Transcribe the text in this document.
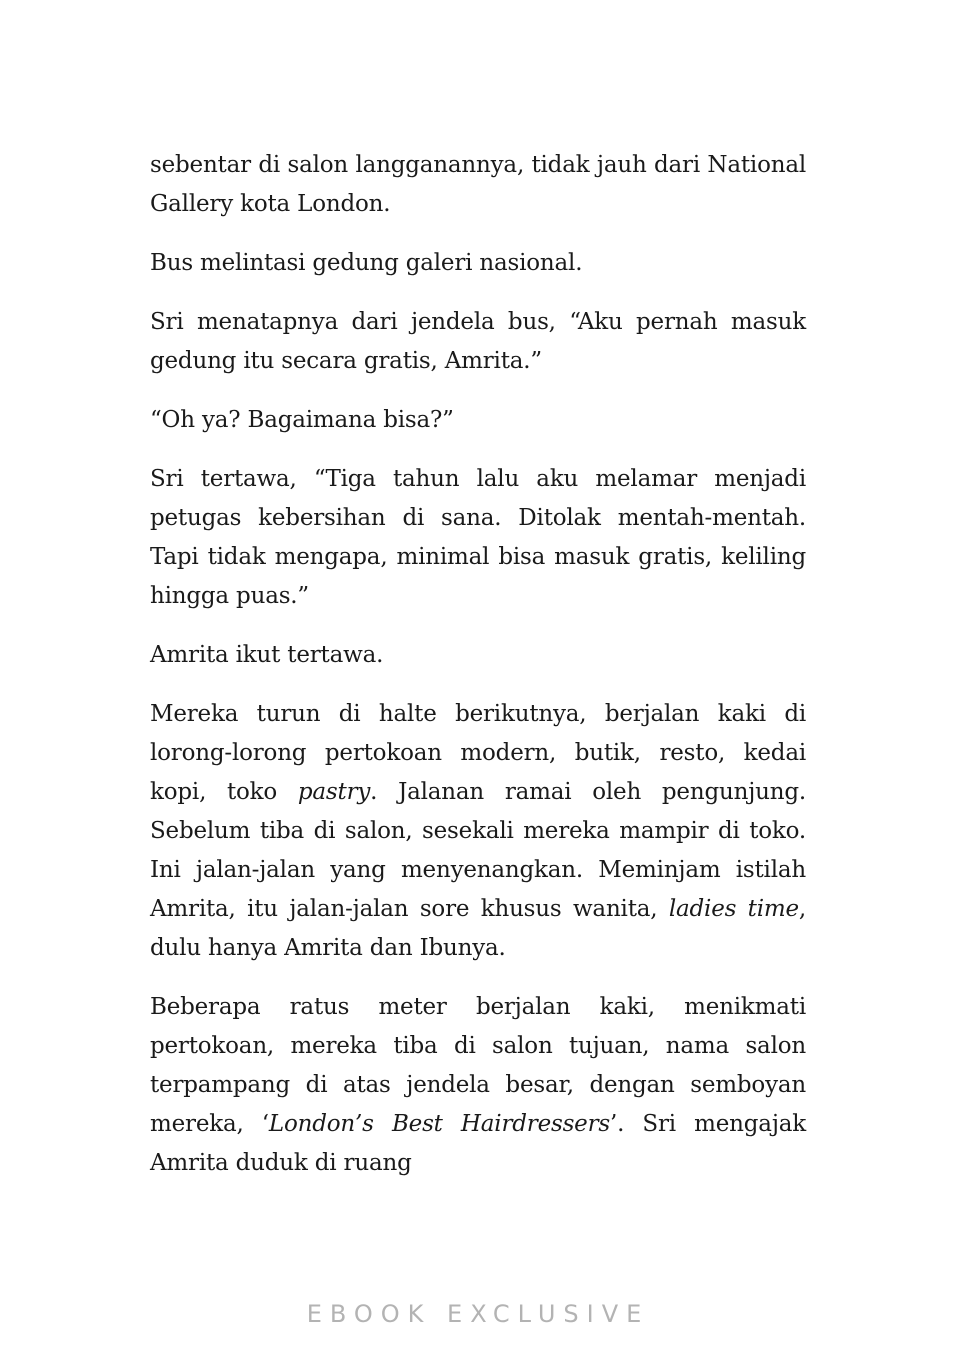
sebentar di salon langganannya, tidak jauh dari National Gallery kota London.

Bus melintasi gedung galeri nasional.

Sri menatapnya dari jendela bus, “Aku pernah masuk gedung itu secara gratis, Amrita.”

“Oh ya? Bagaimana bisa?”

Sri tertawa, “Tiga tahun lalu aku melamar menjadi petugas kebersihan di sana. Ditolak mentah-mentah. Tapi tidak mengapa, minimal bisa masuk gratis, keliling hingga puas.”

Amrita ikut tertawa.

Mereka turun di halte berikutnya, berjalan kaki di lorong-lorong pertokoan modern, butik, resto, kedai kopi, toko pastry. Jalanan ramai oleh pengunjung. Sebelum tiba di salon, sesekali mereka mampir di toko. Ini jalan-jalan yang menyenangkan. Meminjam istilah Amrita, itu jalan-jalan sore khusus wanita, ladies time, dulu hanya Amrita dan Ibunya.

Beberapa ratus meter berjalan kaki, menikmati pertokoan, mereka tiba di salon tujuan, nama salon terpampang di atas jendela besar, dengan semboyan mereka, ‘London’s Best Hairdressers’. Sri mengajak Amrita duduk di ruang

EBOOK EXCLUSIVE
